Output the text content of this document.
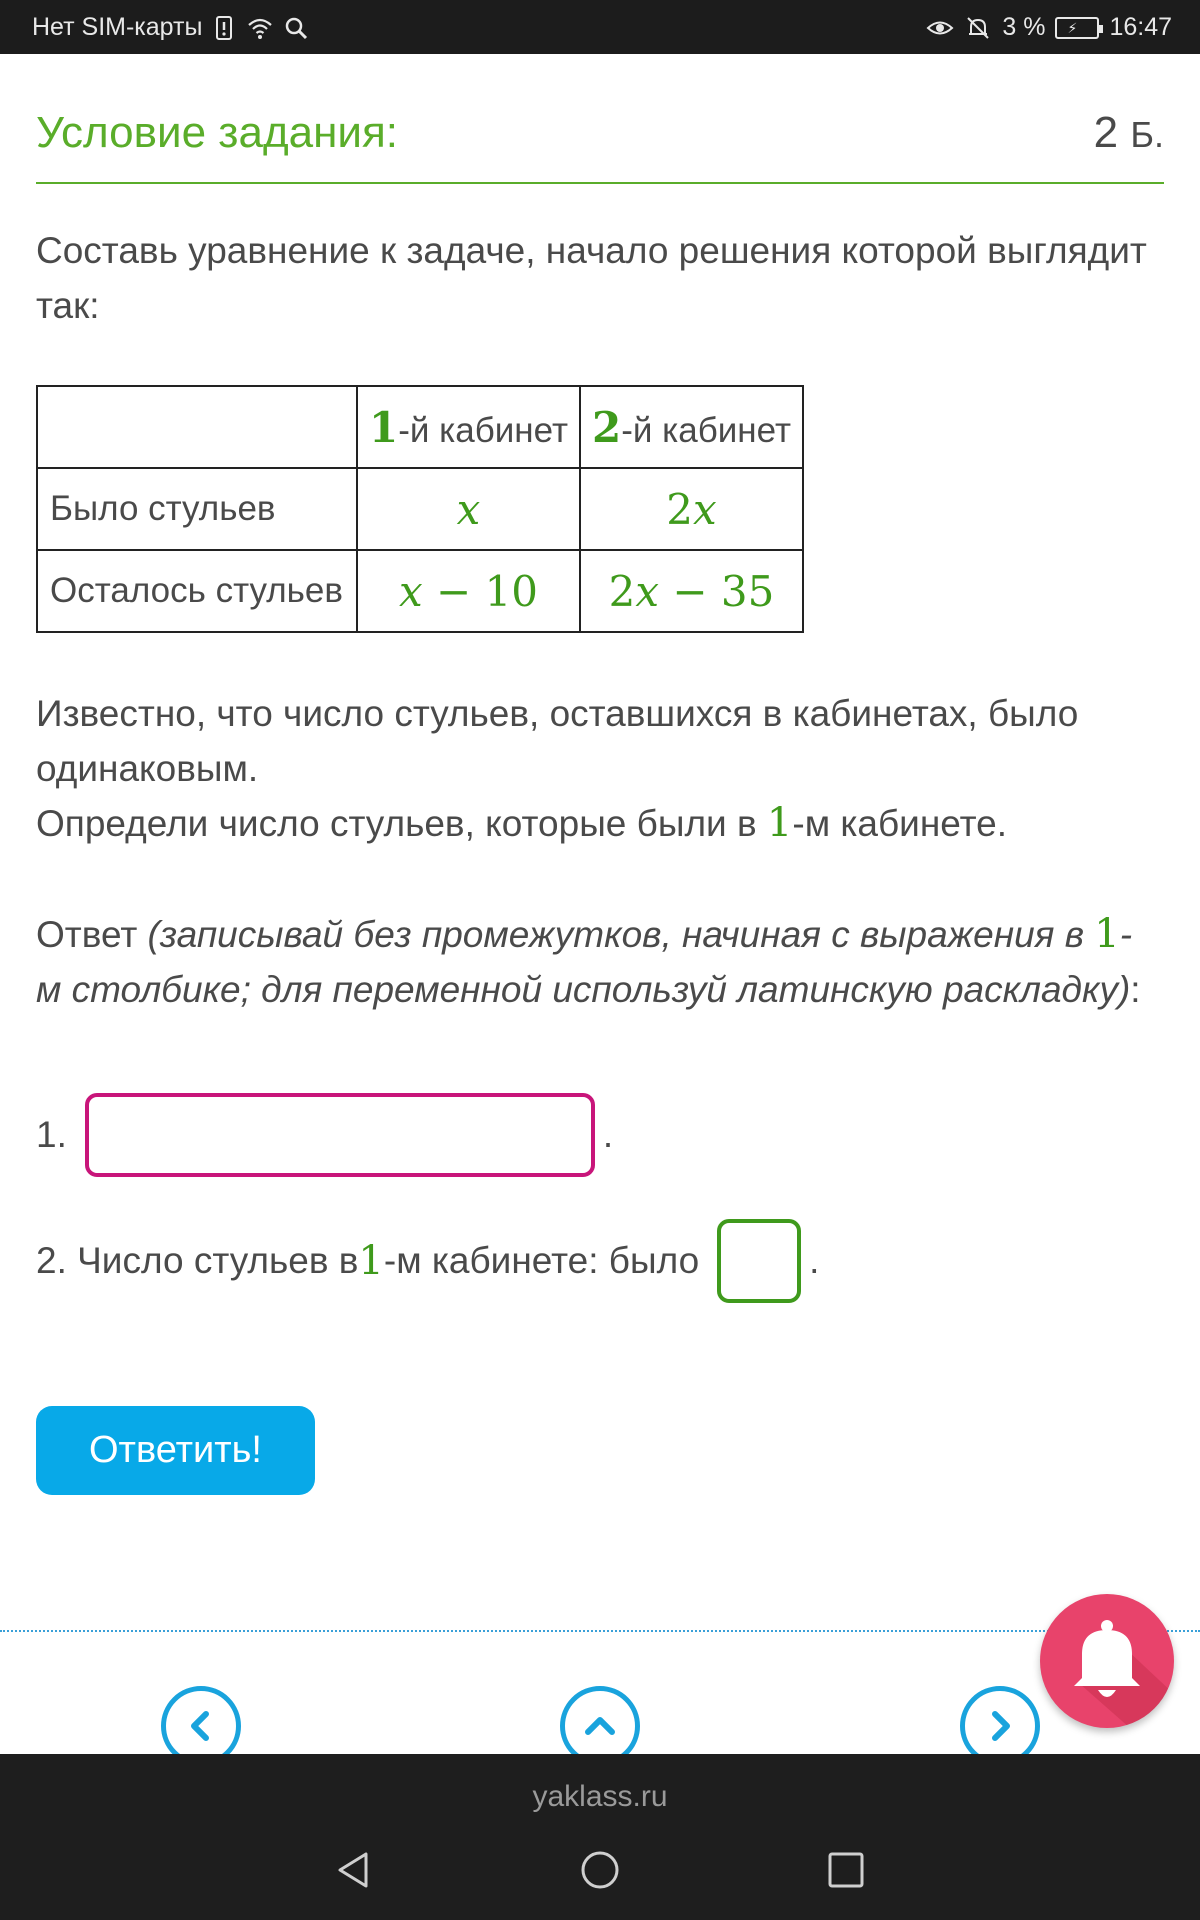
Нет SIM-карты	3 % ⚡ 16:47
Условие задания:	2 Б.

Составь уравнение к задаче, начало решения которой выглядит так:

	1-й кабинет	2-й кабинет
Было стульев	x	2x
Осталось стульев	x − 10	2x − 35

Известно, что число стульев, оставшихся в кабинетах, было одинаковым.

Определи число стульев, которые были в 1-м кабинете.

Ответ (записывай без промежутков, начиная с выражения в 1-м столбике; для переменной используй латинскую раскладку):

1.	.
2. Число стульев в 1 -м кабинете: было	.
Ответить!
yaklass.ru
